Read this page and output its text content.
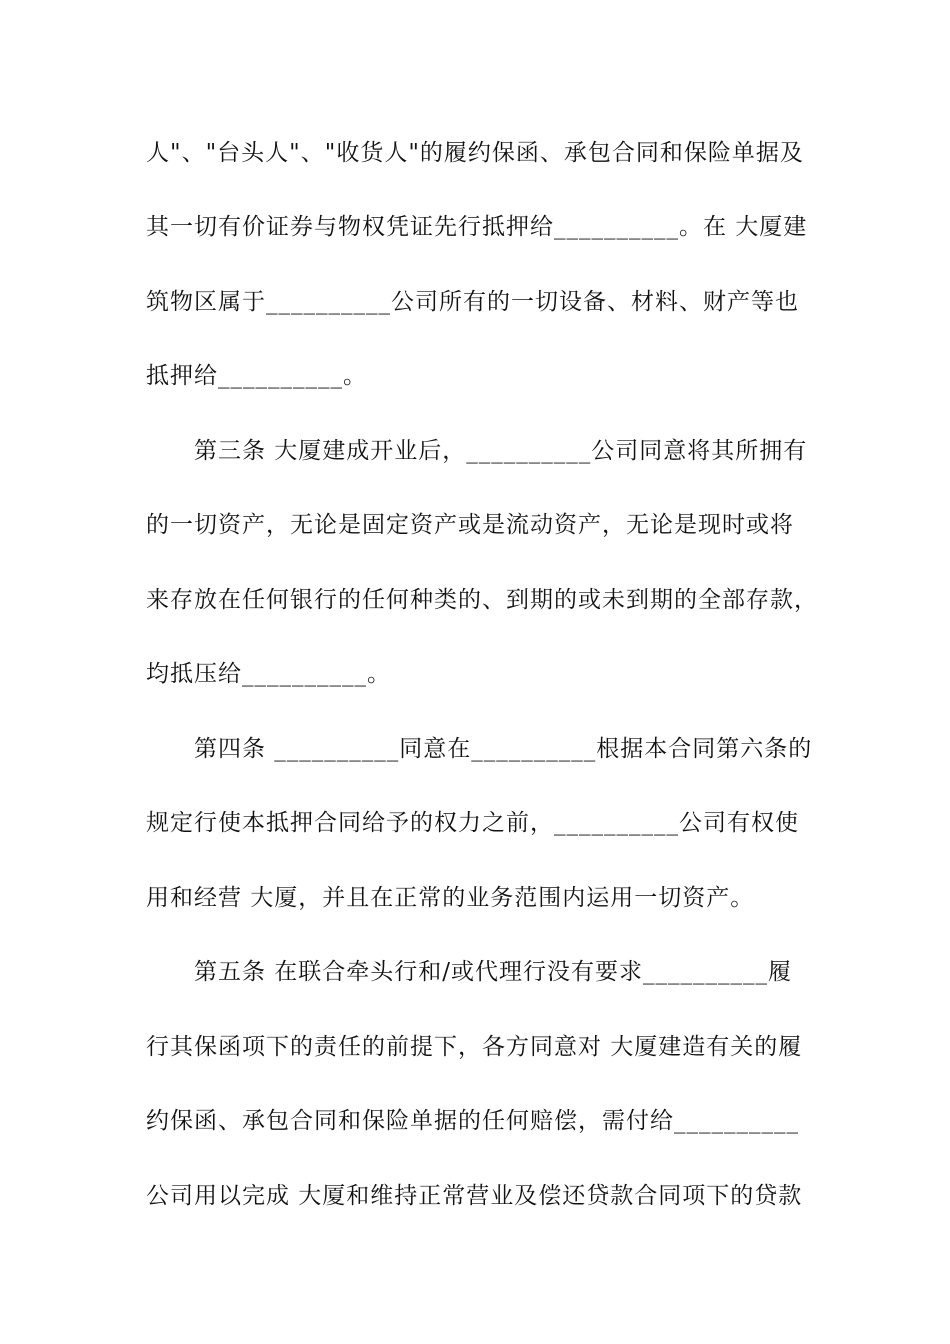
人"、"台头人"、"收货人"的履约保函、承包合同和保险单据及
其一切有价证券与物权凭证先行抵押给__________。在 大厦建
筑物区属于__________公司所有的一切设备、材料、财产等也
抵押给__________。
第三条 大厦建成开业后，__________公司同意将其所拥有
的一切资产，无论是固定资产或是流动资产，无论是现时或将
来存放在任何银行的任何种类的、到期的或未到期的全部存款，
均抵压给__________。
第四条 __________同意在__________根据本合同第六条的
规定行使本抵押合同给予的权力之前，__________公司有权使
用和经营 大厦，并且在正常的业务范围内运用一切资产。
第五条 在联合牵头行和/或代理行没有要求__________履
行其保函项下的责任的前提下，各方同意对 大厦建造有关的履
约保函、承包合同和保险单据的任何赔偿，需付给__________
公司用以完成 大厦和维持正常营业及偿还贷款合同项下的贷款
